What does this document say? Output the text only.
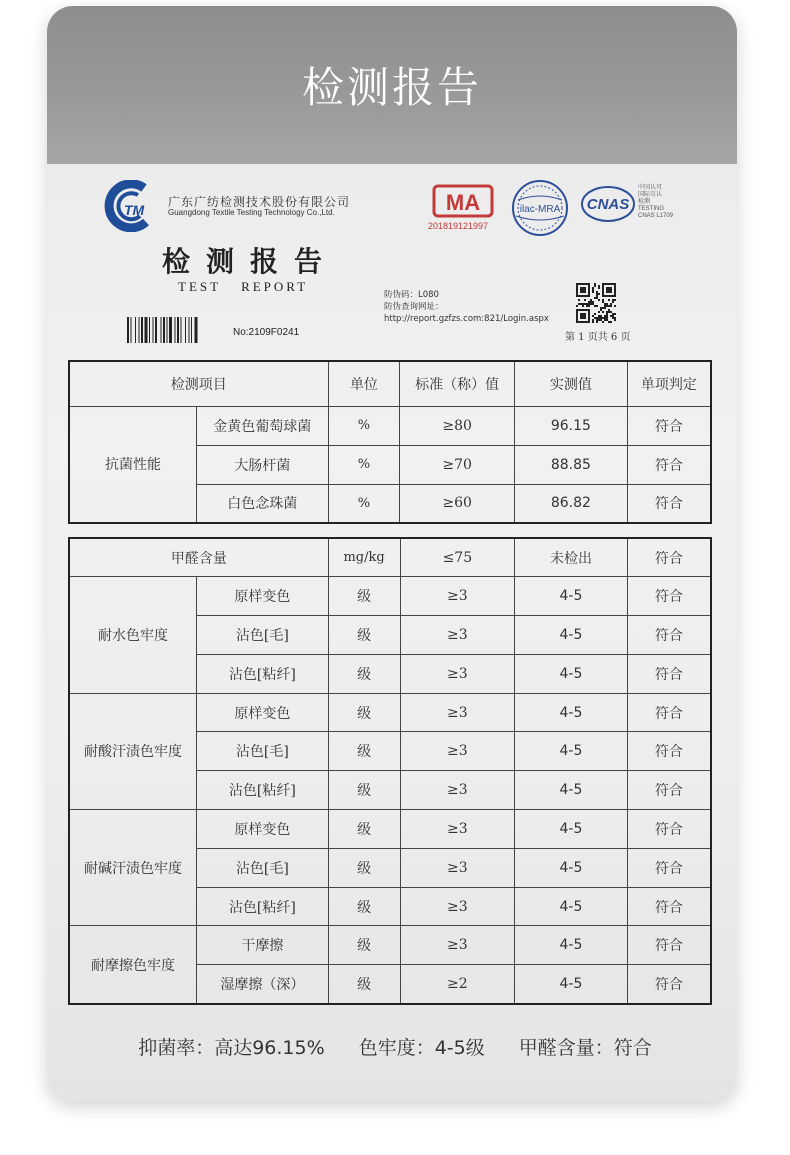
检测报告
TM 广东广纺检测技术股份有限公司
Guangdong Textile Testing Technology Co.,Ltd.	MA
201819121997
ilac-MRA CNAS
中国认可
国际互认
检测
TESTING
CNAS L1709
检测报告
TEST REPORT
防伪码：L080
防伪查询网址：
http://report.gzfzs.com:821/Login.aspx
No:2109F0241	第 1 页共 6 页
检测项目		单位	标准（称）值	实测值	单项判定
抗菌性能	金黄色葡萄球菌	%	≥80	96.15	符合
	大肠杆菌	%	≥70	88.85	符合
	白色念珠菌	%	≥60	86.82	符合
甲醛含量		mg/kg	≤75	未检出	符合
耐水色牢度	原样变色	级	≥3	4-5	符合
	沾色[毛]	级	≥3	4-5	符合
	沾色[粘纤]	级	≥3	4-5	符合
耐酸汗渍色牢度	原样变色	级	≥3	4-5	符合
	沾色[毛]	级	≥3	4-5	符合
	沾色[粘纤]	级	≥3	4-5	符合
耐碱汗渍色牢度	原样变色	级	≥3	4-5	符合
	沾色[毛]	级	≥3	4-5	符合
	沾色[粘纤]	级	≥3	4-5	符合
耐摩擦色牢度	干摩擦	级	≥3	4-5	符合
	湿摩擦（深）	级	≥2	4-5	符合
抑菌率：高达96.15% 色牢度：4-5级 甲醛含量：符合
